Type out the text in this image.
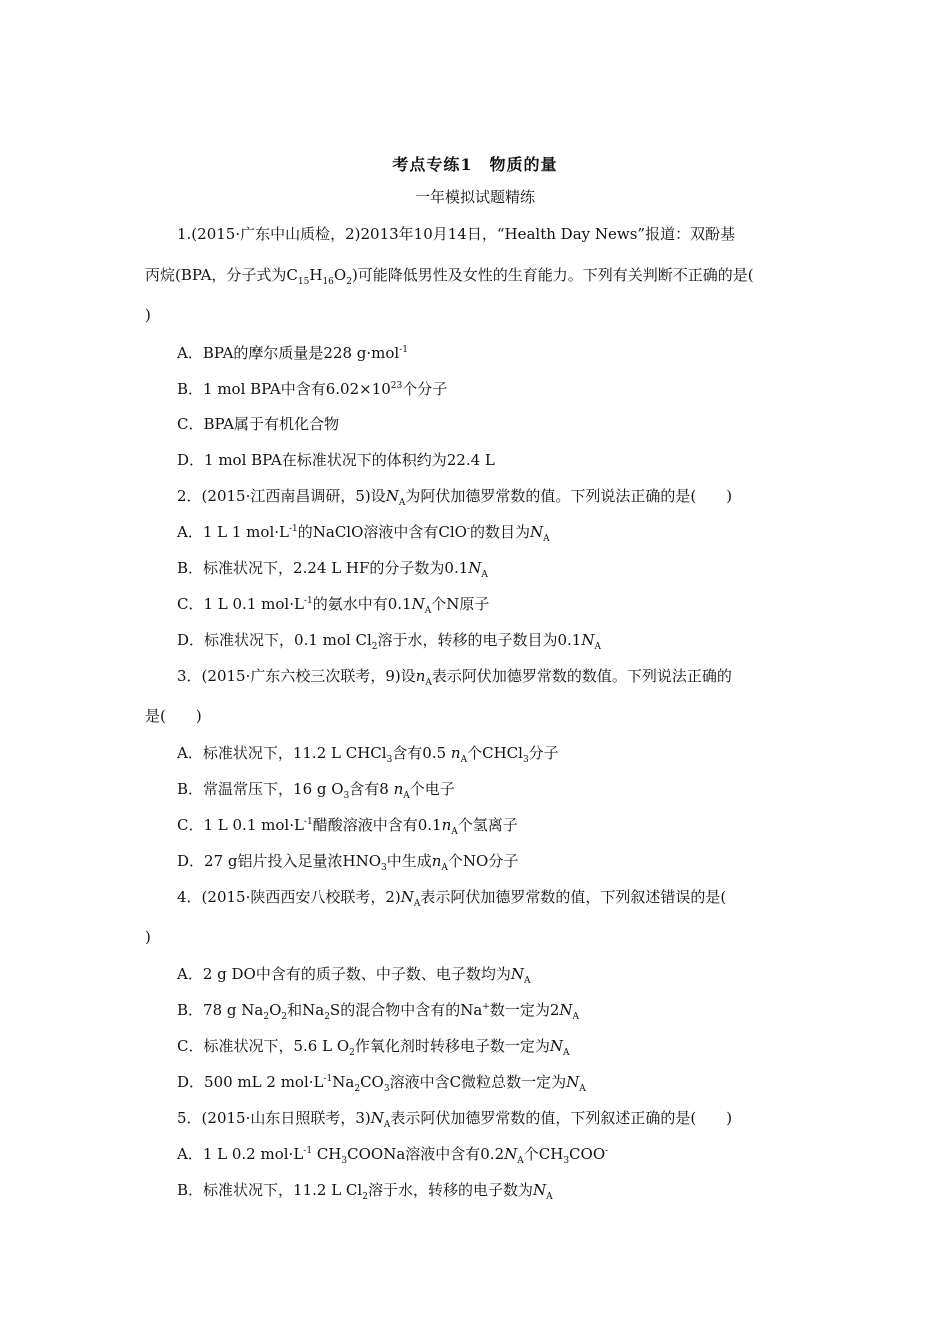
考点专练1　物质的量
一年模拟试题精练
1.(2015·广东中山质检，2)2013年10月14日，“Health Day News”报道：双酚基
丙烷(BPA，分子式为$C_{15}H_{16}O_2$)可能降低男性及女性的生育能力。下列有关判断不正确的是(
)
A．BPA的摩尔质量是228 g·mol$^{-1}$
B．1 mol BPA中含有$6.02\times 10^{23}$个分子
C．BPA属于有机化合物
D．1 mol BPA在标准状况下的体积约为22.4 L
2．(2015·江西南昌调研，5)设$N_A$为阿伏加德罗常数的值。下列说法正确的是(　　)
A．1 L 1 $mol\cdot L^{-1}$的NaClO溶液中含有ClO-的数目为$N_A$
B．标准状况下，2.24 L HF的分子数为$0.1N_A$
C．1 L 0.1 $mol\cdot L^{-1}$的氨水中有$0.1N_A$个N原子
D．标准状况下，0.1 mol $Cl_2$溶于水，转移的电子数目为$0.1N_A$
3．(2015·广东六校三次联考，9)设$n_A$表示阿伏加德罗常数的数值。下列说法正确的
是(　　)
A．标准状况下，11.2 L CHCl$_3$含有0.5 $n_A$个CHCl$_3$分子
B．常温常压下，16 g $O_3$含有8 $n_A$个电子
C．1 L 0.1 $mol\cdot L^{-1}$醋酸溶液中含有$0.1n_A$个氢离子
D．27 g铝片投入足量浓$HNO_3$中生成$n_A$个NO分子
4．(2015·陕西西安八校联考，$2)N_A$表示阿伏加德罗常数的值，下列叙述错误的是(
)
A．2 g DO中含有的质子数、中子数、电子数均为$N_A$
B．78 g $Na_2O_2$和$Na_2S$的混合物中含有的Na+数一定为$2N_A$
C．标准状况下，5.6 L $O_2$作氧化剂时转移电子数一定为$N_A$
D．500 mL 2 $mol\cdot L^{-1}Na_2CO_3$溶液中含C微粒总数一定为$N_A$
5．(2015·山东日照联考，$3)N_A$表示阿伏加德罗常数的值，下列叙述正确的是(　　)
A．1 L 0.2 $mol\cdot L^{-1}$ $CH_3COONa$溶液中含有$0.2N_A$个$CH_3COO^-$
B．标准状况下，11.2 L $Cl_2$溶于水，转移的电子数为$N_A$
